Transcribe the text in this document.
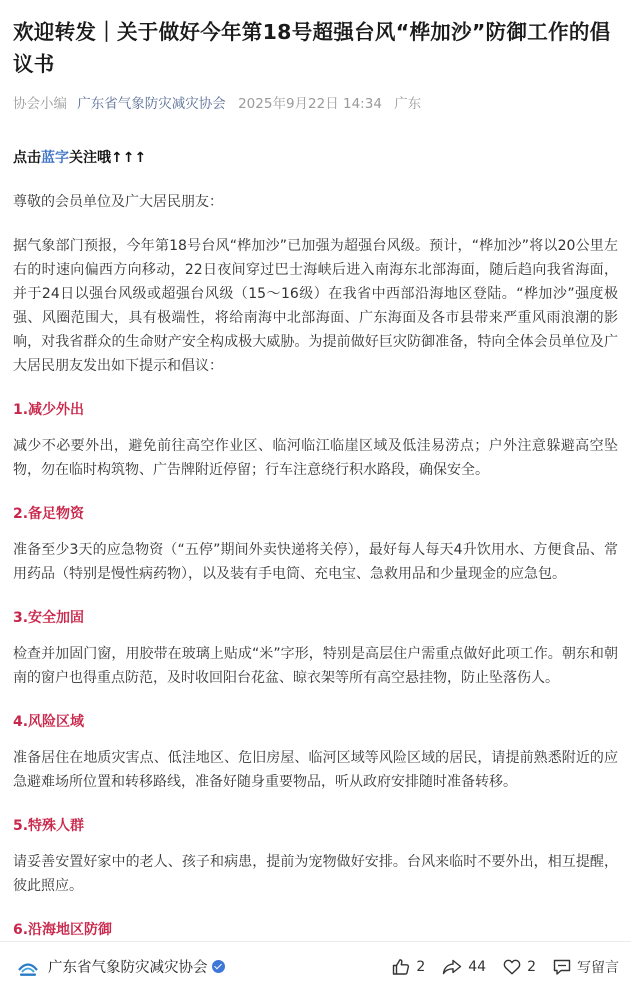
欢迎转发｜关于做好今年第18号超强台风“桦加沙”防御工作的倡议书
协会小编 广东省气象防灾减灾协会 2025年9月22日 14:34 广东
点击蓝字关注哦↑↑↑

尊敬的会员单位及广大居民朋友：

据气象部门预报，今年第18号台风“桦加沙”已加强为超强台风级。预计，“桦加沙”将以20公里左右的时速向偏西方向移动，22日夜间穿过巴士海峡后进入南海东北部海面，随后趋向我省海面，并于24日以强台风级或超强台风级（15～16级）在我省中西部沿海地区登陆。“桦加沙”强度极强、风圈范围大，具有极端性，将给南海中北部海面、广东海面及各市县带来严重风雨浪潮的影响，对我省群众的生命财产安全构成极大威胁。为提前做好巨灾防御准备，特向全体会员单位及广大居民朋友发出如下提示和倡议：

1.减少外出

减少不必要外出，避免前往高空作业区、临河临江临崖区域及低洼易涝点；户外注意躲避高空坠物，勿在临时构筑物、广告牌附近停留；行车注意绕行积水路段，确保安全。

2.备足物资

准备至少3天的应急物资（“五停”期间外卖快递将关停），最好每人每天4升饮用水、方便食品、常用药品（特别是慢性病药物），以及装有手电筒、充电宝、急救用品和少量现金的应急包。

3.安全加固

检查并加固门窗，用胶带在玻璃上贴成“米”字形，特别是高层住户需重点做好此项工作。朝东和朝南的窗户也得重点防范，及时收回阳台花盆、晾衣架等所有高空悬挂物，防止坠落伤人。

4.风险区域

准备居住在地质灾害点、低洼地区、危旧房屋、临河区域等风险区域的居民，请提前熟悉附近的应急避难场所位置和转移路线，准备好随身重要物品，听从政府安排随时准备转移。

5.特殊人群

请妥善安置好家中的老人、孩子和病患，提前为宠物做好安排。台风来临时不要外出，相互提醒，彼此照应。

6.沿海地区防御
广东省气象防灾减灾协会	2	44	2	写留言
